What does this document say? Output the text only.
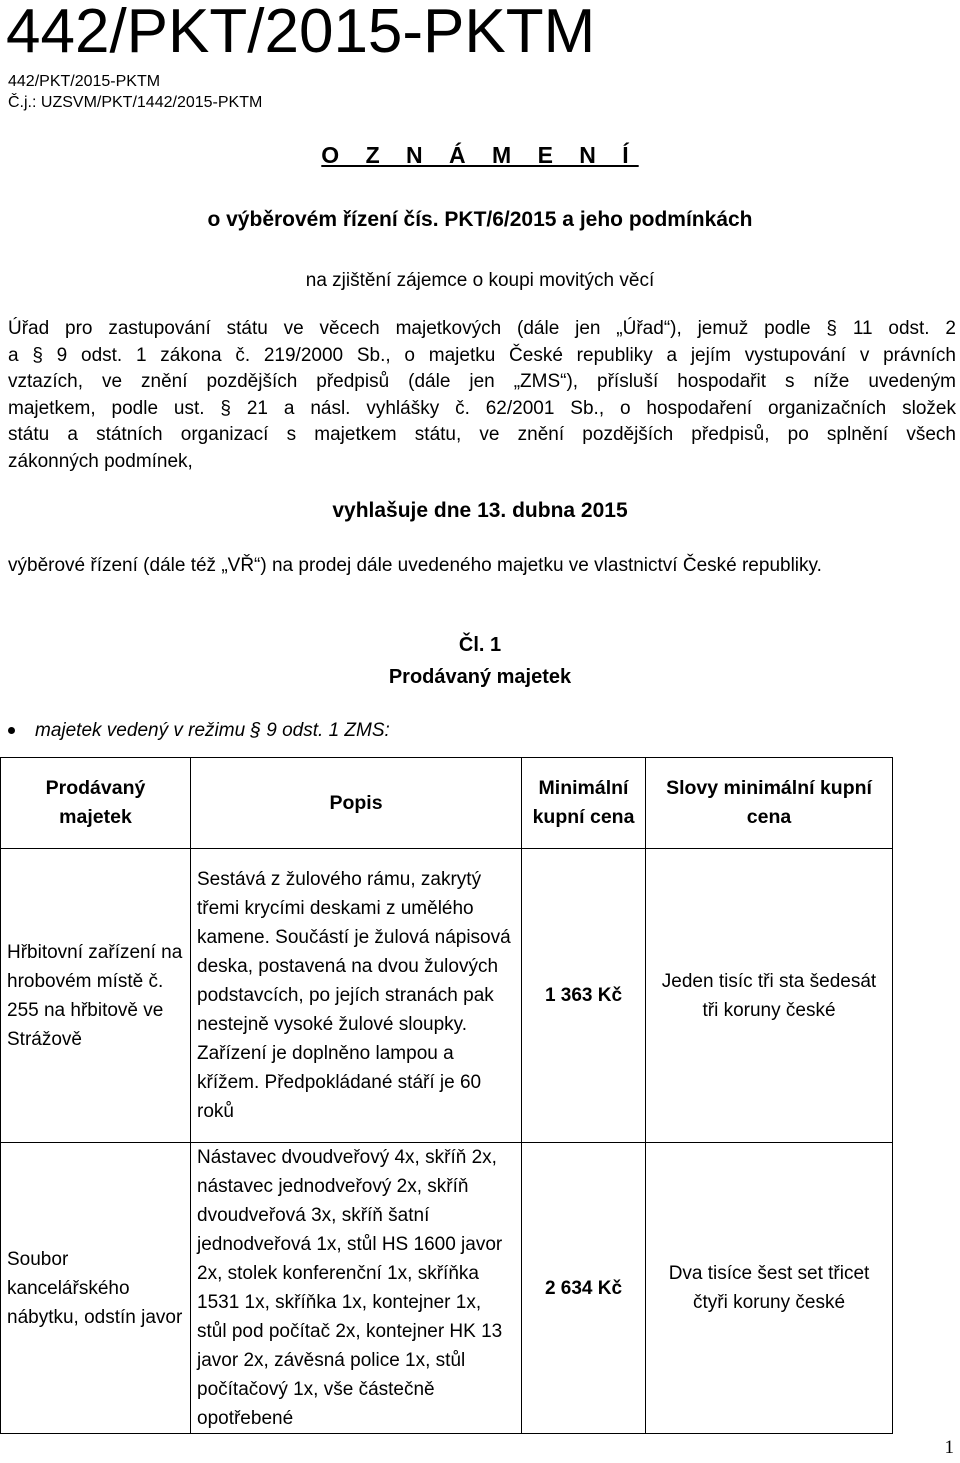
442/PKT/2015-PKTM
442/PKT/2015-PKTM
Č.j.: UZSVM/PKT/1442/2015-PKTM
O Z N Á M E N Í
o výběrovém řízení čís. PKT/6/2015 a jeho podmínkách
na zjištění zájemce o koupi movitých věcí
Úřad pro zastupování státu ve věcech majetkových (dále jen „Úřad“), jemuž podle § 11 odst. 2
a § 9 odst. 1 zákona č. 219/2000 Sb., o majetku České republiky a jejím vystupování v právních
vztazích, ve znění pozdějších předpisů (dále jen „ZMS“), přísluší hospodařit s níže uvedeným
majetkem, podle ust. § 21 a násl. vyhlášky č. 62/2001 Sb., o hospodaření organizačních složek
státu a státních organizací s majetkem státu, ve znění pozdějších předpisů, po splnění všech
zákonných podmínek,
vyhlašuje dne 13. dubna 2015
výběrové řízení (dále též „VŘ“) na prodej dále uvedeného majetku ve vlastnictví České republiky.
Čl. 1
Prodávaný majetek
majetek vedený v režimu § 9 odst. 1 ZMS:
Prodávaný majetek	Popis	Minimální kupní cena	Slovy minimální kupní cena
Hřbitovní zařízení na hrobovém místě č. 255 na hřbitově ve Strážově	Sestává z žulového rámu, zakrytý třemi krycími deskami z umělého kamene. Součástí je žulová nápisová deska, postavená na dvou žulových podstavcích, po jejích stranách pak nestejně vysoké žulové sloupky. Zařízení je doplněno lampou a křížem. Předpokládané stáří je 60 roků	1 363 Kč	Jeden tisíc tři sta šedesát tři koruny české
Soubor kancelářského nábytku, odstín javor	Nástavec dvoudveřový 4x, skříň 2x, nástavec jednodveřový 2x, skříň dvoudveřová 3x, skříň šatní jednodveřová 1x, stůl HS 1600 javor 2x, stolek konferenční 1x, skříňka 1531 1x, skříňka 1x, kontejner 1x, stůl pod počítač 2x, kontejner HK 13 javor 2x, závěsná police 1x, stůl počítačový 1x, vše částečně opotřebené	2 634 Kč	Dva tisíce šest set třicet čtyři koruny české
1
